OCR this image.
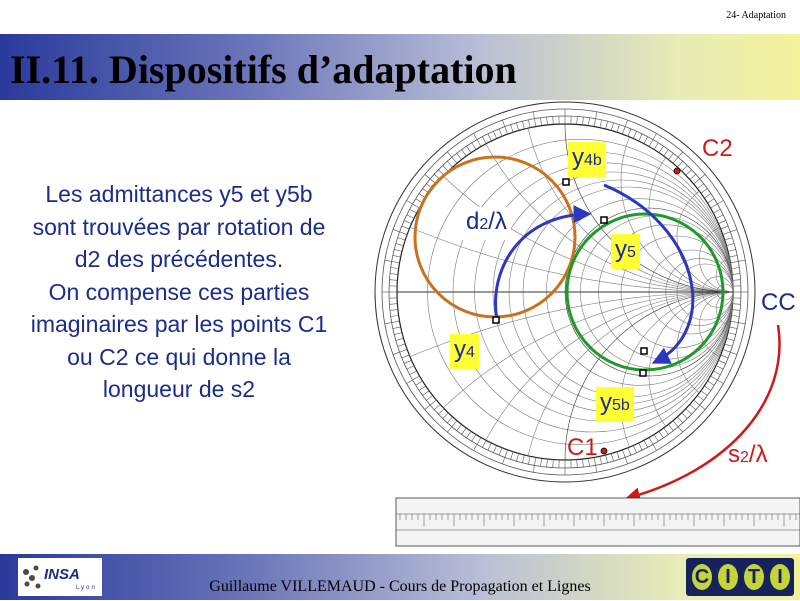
24- Adaptation
II.11. Dispositifs d’adaptation
Les admittances y5 et y5b
sont trouvées par rotation de
d2 des précédentes.
On compense ces parties
imaginaires par les points C1
ou C2 ce qui donne la
longueur de s2
y4b
y5
y4
y5b
d2/λ
s2/λ
C2
C1
CC
INSA
Lyon	Guillaume VILLEMAUD - Cours de Propagation et Lignes	C I T I
